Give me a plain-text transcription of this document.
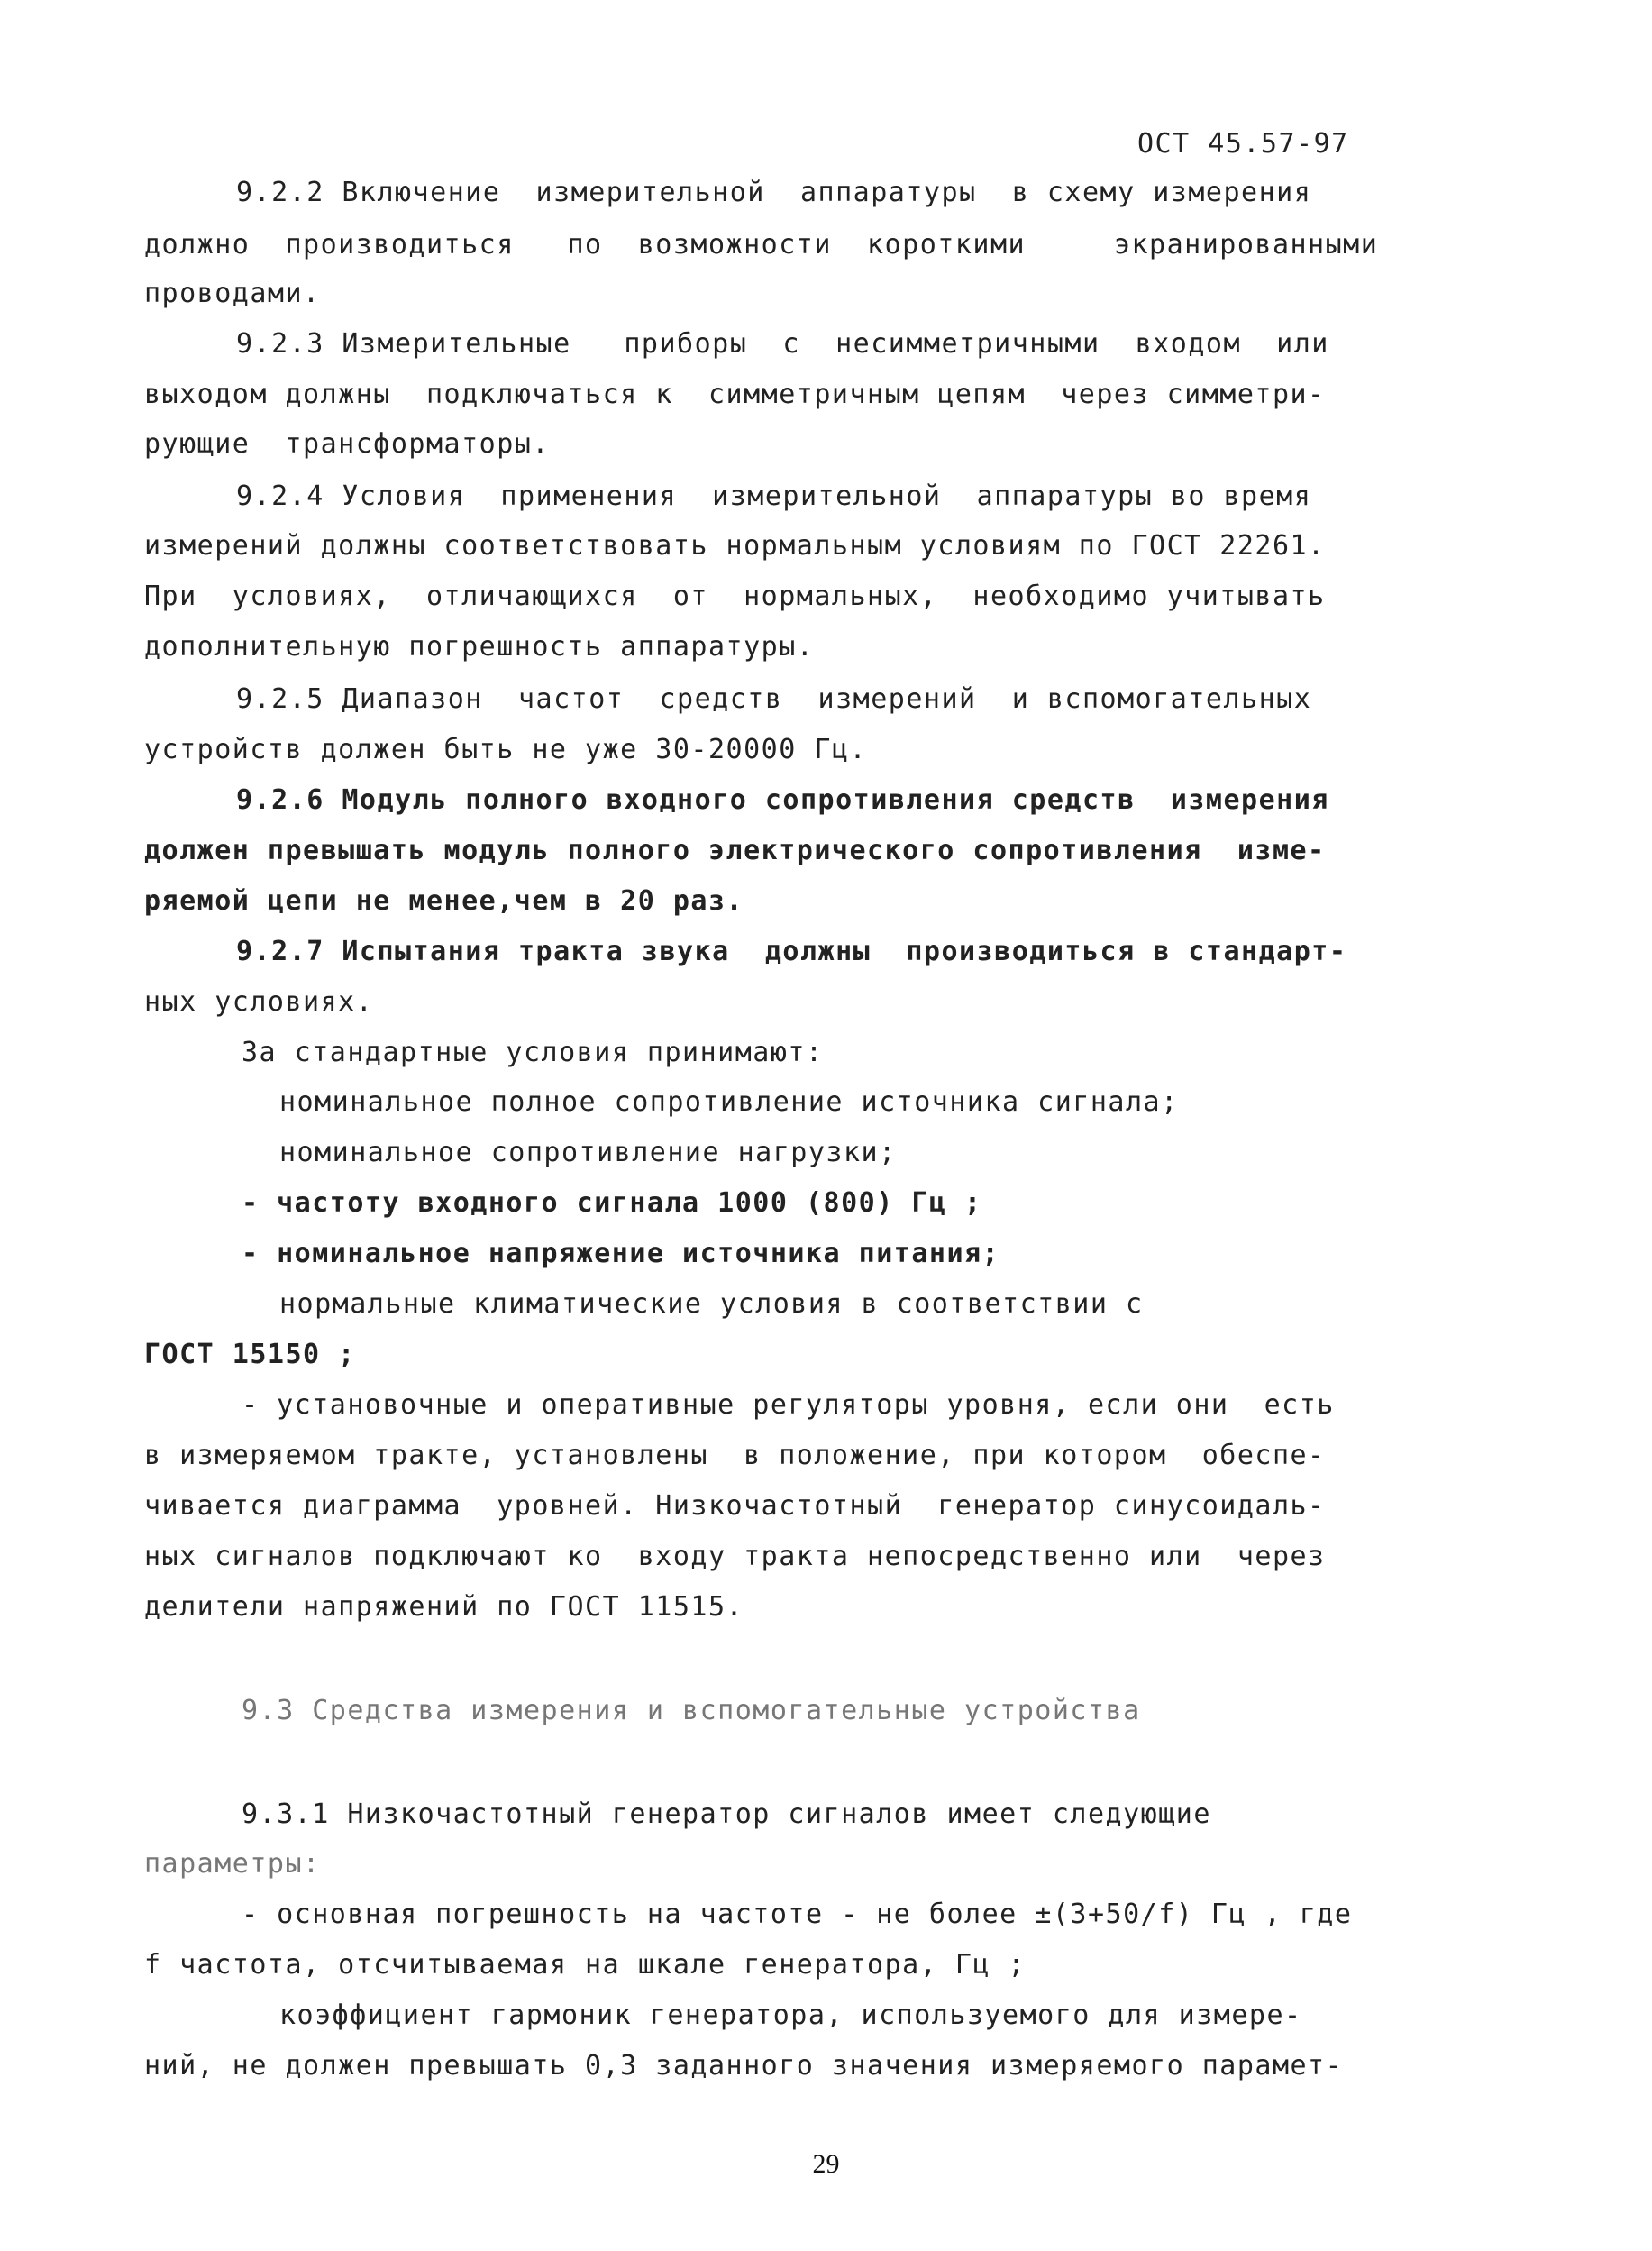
ОСТ 45.57-97
9.2.2 Включение  измерительной  аппаратуры  в схему измерения
должно  производиться   по  возможности  короткими     экранированными
проводами.
9.2.3 Измерительные   приборы  с  несимметричными  входом  или
выходом должны  подключаться к  симметричным цепям  через симметри-
рующие  трансформаторы.
9.2.4 Условия  применения  измерительной  аппаратуры во время
измерений должны соответствовать нормальным условиям по ГОСТ 22261.
При  условиях,  отличающихся  от  нормальных,  необходимо учитывать
дополнительную погрешность аппаратуры.
9.2.5 Диапазон  частот  средств  измерений  и вспомогательных
устройств должен быть не уже 30-20000 Гц.
9.2.6 Модуль полного входного сопротивления средств  измерения
должен превышать модуль полного электрического сопротивления  изме-
ряемой цепи не менее,чем в 20 раз.
9.2.7 Испытания тракта звука  должны  производиться в стандарт-
ных условиях.
За стандартные условия принимают:
номинальное полное сопротивление источника сигнала;
номинальное сопротивление нагрузки;
- частоту входного сигнала 1000 (800) Гц ;
- номинальное напряжение источника питания;
нормальные климатические условия в соответствии с
ГОСТ 15150 ;
- установочные и оперативные регуляторы уровня, если они  есть
в измеряемом тракте, установлены  в положение, при котором  обеспе-
чивается диаграмма  уровней. Низкочастотный  генератор синусоидаль-
ных сигналов подключают ко  входу тракта непосредственно или  через
делители напряжений по ГОСТ 11515.
9.3 Средства измерения и вспомогательные устройства
9.3.1 Низкочастотный генератор сигналов имеет следующие
параметры:
- основная погрешность на частоте - не более ±(3+50/f) Гц , где
f частота, отсчитываемая на шкале генератора, Гц ;
коэффициент гармоник генератора, используемого для измере-
ний, не должен превышать 0,3 заданного значения измеряемого парамет-
29
